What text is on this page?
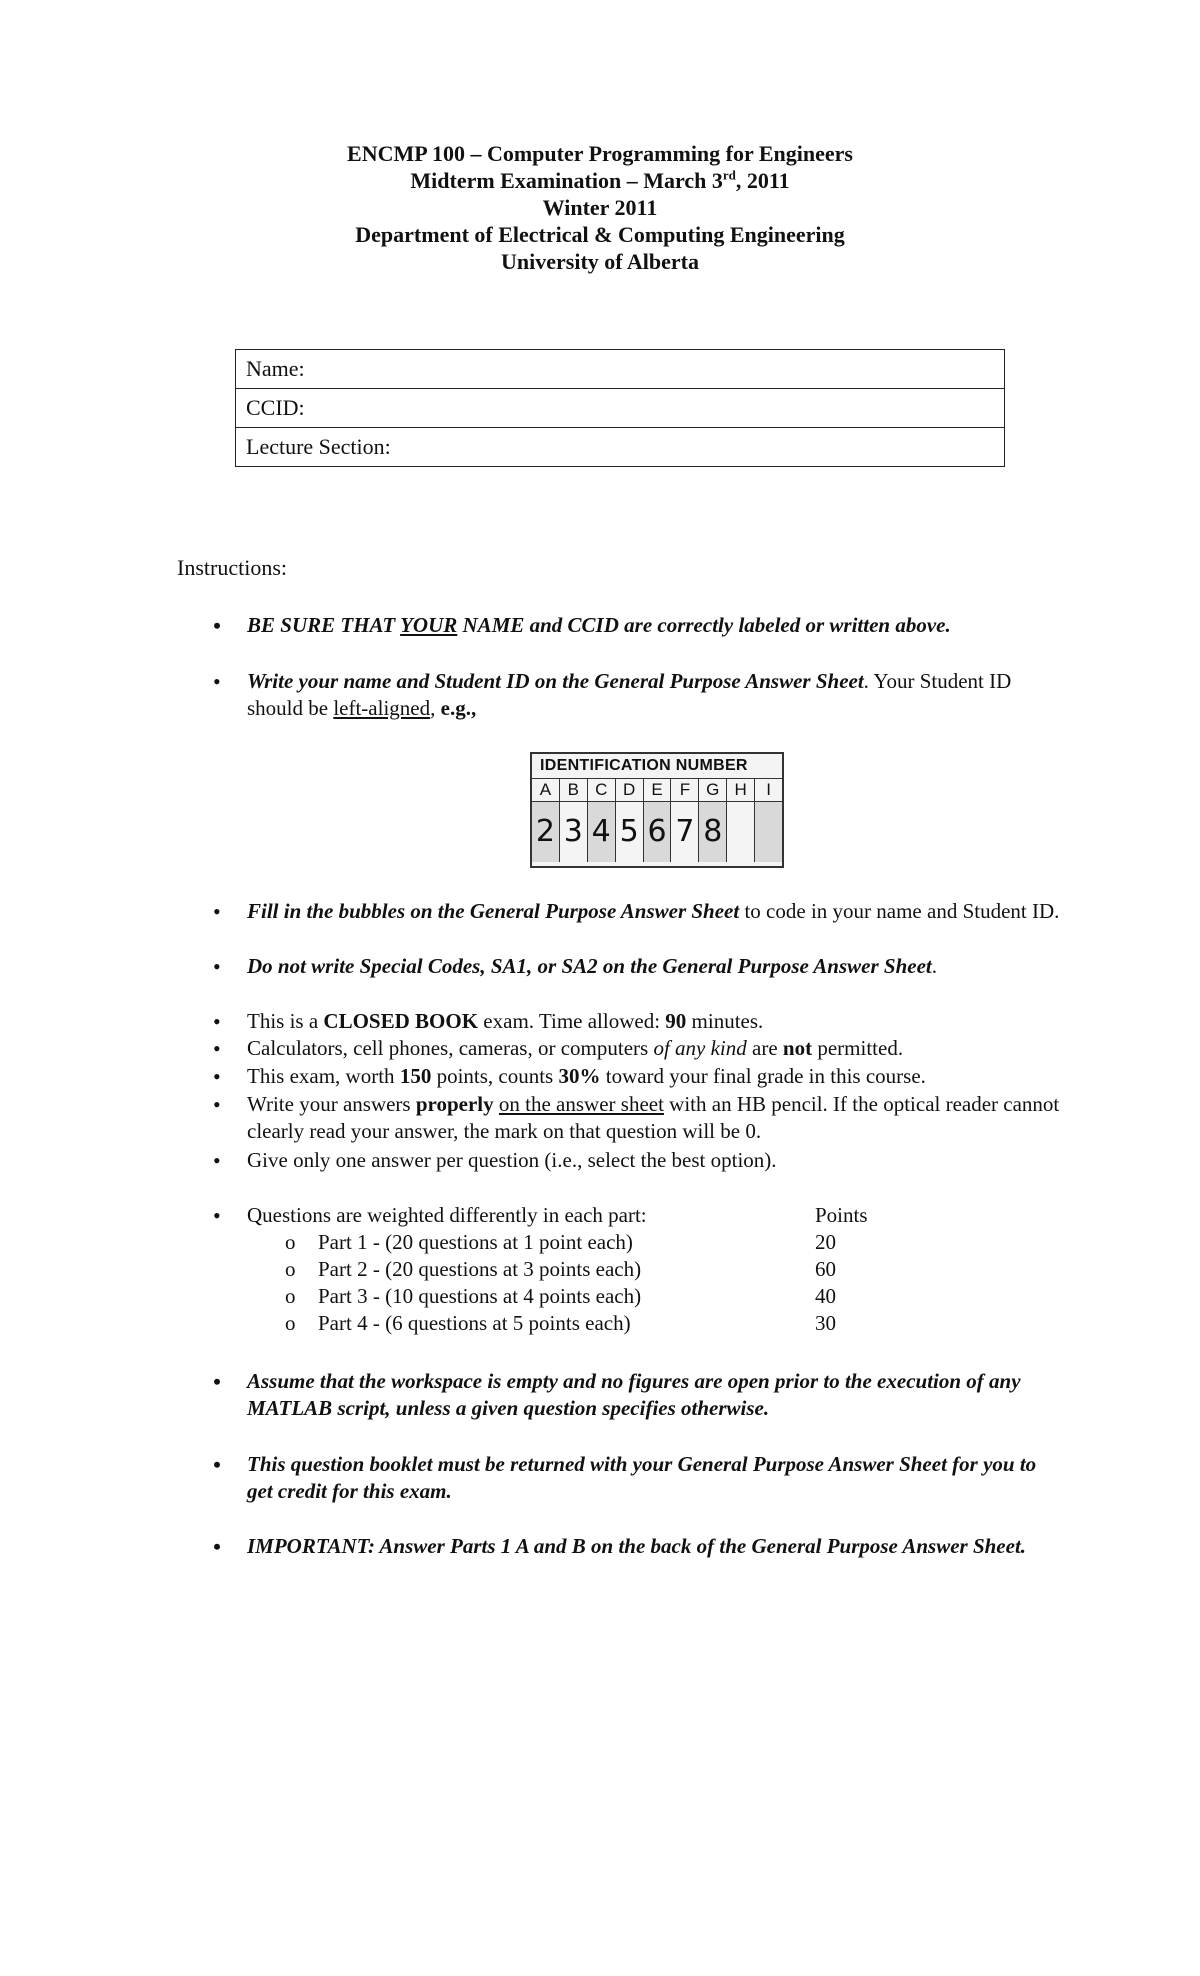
ENCMP 100 – Computer Programming for Engineers
Midterm Examination – March 3rd, 2011
Winter 2011
Department of Electrical & Computing Engineering
University of Alberta
Name:
CCID:
Lecture Section:
Instructions:
• BE SURE THAT YOUR NAME and CCID are correctly labeled or written above.
• Write your name and Student ID on the General Purpose Answer Sheet. Your Student ID should be left-aligned, e.g.,
IDENTIFICATION NUMBER
A B C D E	F G H	I
2 3 4 5 6 7 8
• Fill in the bubbles on the General Purpose Answer Sheet to code in your name and Student ID.
• Do not write Special Codes, SA1, or SA2 on the General Purpose Answer Sheet.
• This is a CLOSED BOOK exam. Time allowed: 90 minutes.
• Calculators, cell phones, cameras, or computers of any kind are not permitted.
• This exam, worth 150 points, counts 30% toward your final grade in this course.
• Write your answers properly on the answer sheet with an HB pencil. If the optical reader cannot clearly read your answer, the mark on that question will be 0.
• Give only one answer per question (i.e., select the best option).
• Questions are weighted differently in each part:	Points
o Part 1 - (20 questions at 1 point each)	20
o Part 2 - (20 questions at 3 points each)	60
o Part 3 - (10 questions at 4 points each)	40
o Part 4 - (6 questions at 5 points each)	30
• Assume that the workspace is empty and no figures are open prior to the execution of any MATLAB script, unless a given question specifies otherwise.
• This question booklet must be returned with your General Purpose Answer Sheet for you to get credit for this exam.
• IMPORTANT: Answer Parts 1 A and B on the back of the General Purpose Answer Sheet.
